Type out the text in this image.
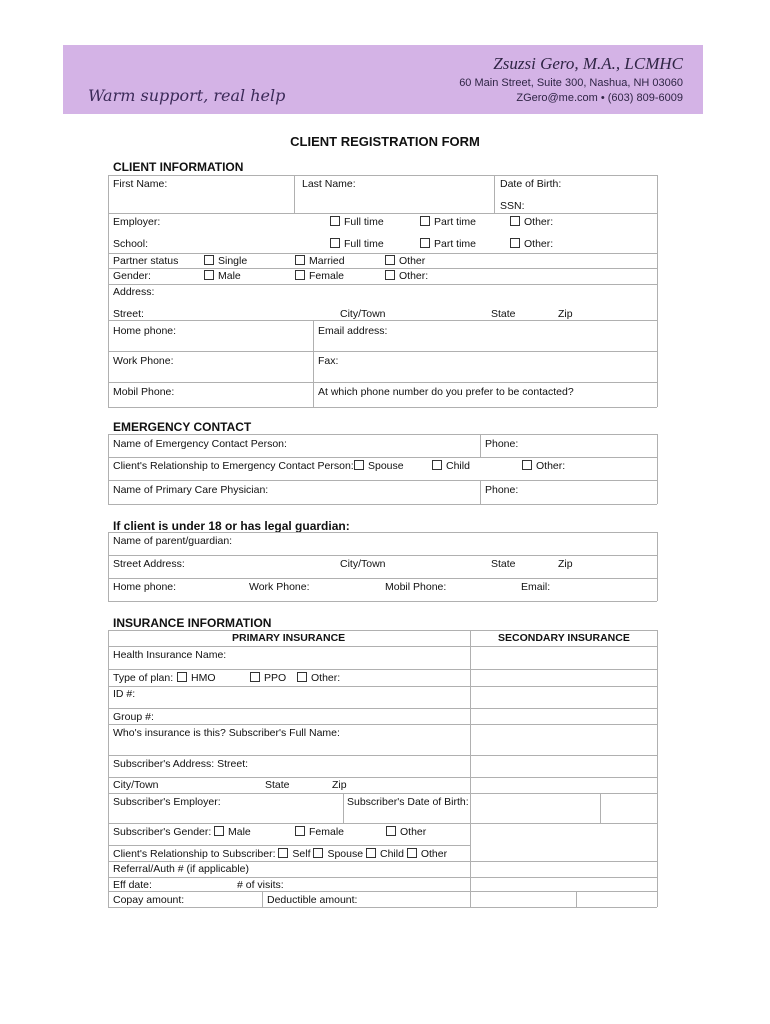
Warm support, real help
Zsuzsi Gero, M.A., LCMHC
60 Main Street, Suite 300, Nashua, NH 03060
ZGero@me.com • (603) 809-6009
CLIENT REGISTRATION FORM
CLIENT INFORMATION
First Name:	Last Name:	Date of Birth:
SSN:
Employer:	Full time	Part time	Other:
School:	Full time	Part time	Other:
Partner status	Single	Married	Other
Gender:	Male	Female	Other:
Address:
Street:	City/Town	State	Zip
Home phone:	Email address:
Work Phone:	Fax:
Mobil Phone:	At which phone number do you prefer to be contacted?
EMERGENCY CONTACT
Name of Emergency Contact Person:	Phone:
Client's Relationship to Emergency Contact Person:	Spouse	Child	Other:
Name of Primary Care Physician:	Phone:
If client is under 18 or has legal guardian:
Name of parent/guardian:
Street Address:	City/Town	State	Zip
Home phone:	Work Phone:	Mobil Phone:	Email:
INSURANCE INFORMATION
PRIMARY INSURANCE	SECONDARY INSURANCE
Health Insurance Name:
Type of plan:	HMO	PPO	Other:
ID #:
Group #:
Who's insurance is this? Subscriber's Full Name:
Subscriber's Address: Street:
City/Town	State	Zip
Subscriber's Employer:	Subscriber's Date of Birth:
Subscriber's Gender:	Male	Female	Other
Client's Relationship to Subscriber: Self Spouse Child Other
Referral/Auth # (if applicable)
Eff date:	# of visits:
Copay amount:	Deductible amount:
